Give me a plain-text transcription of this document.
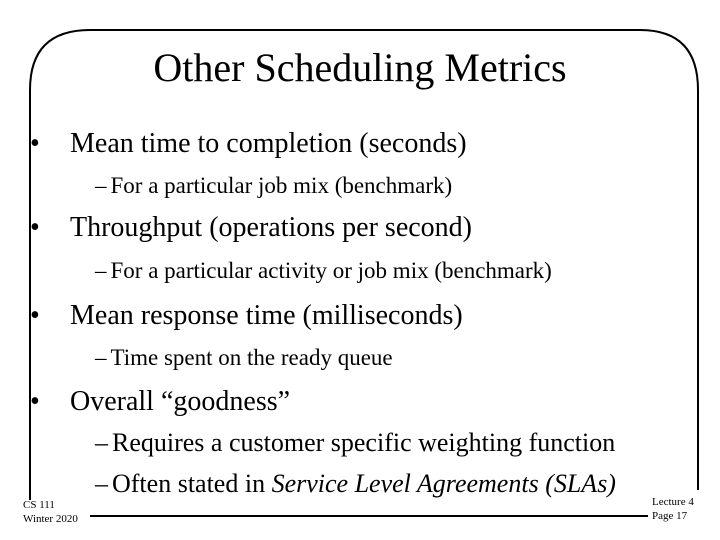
Other Scheduling Metrics
• Mean time to completion (seconds)
– For a particular job mix (benchmark)
• Throughput (operations per second)
– For a particular activity or job mix (benchmark)
• Mean response time (milliseconds)
– Time spent on the ready queue
• Overall “goodness”
– Requires a customer specific weighting function
– Often stated in Service Level Agreements (SLAs)
CS 111
Winter 2020
Lecture 4
Page 17
